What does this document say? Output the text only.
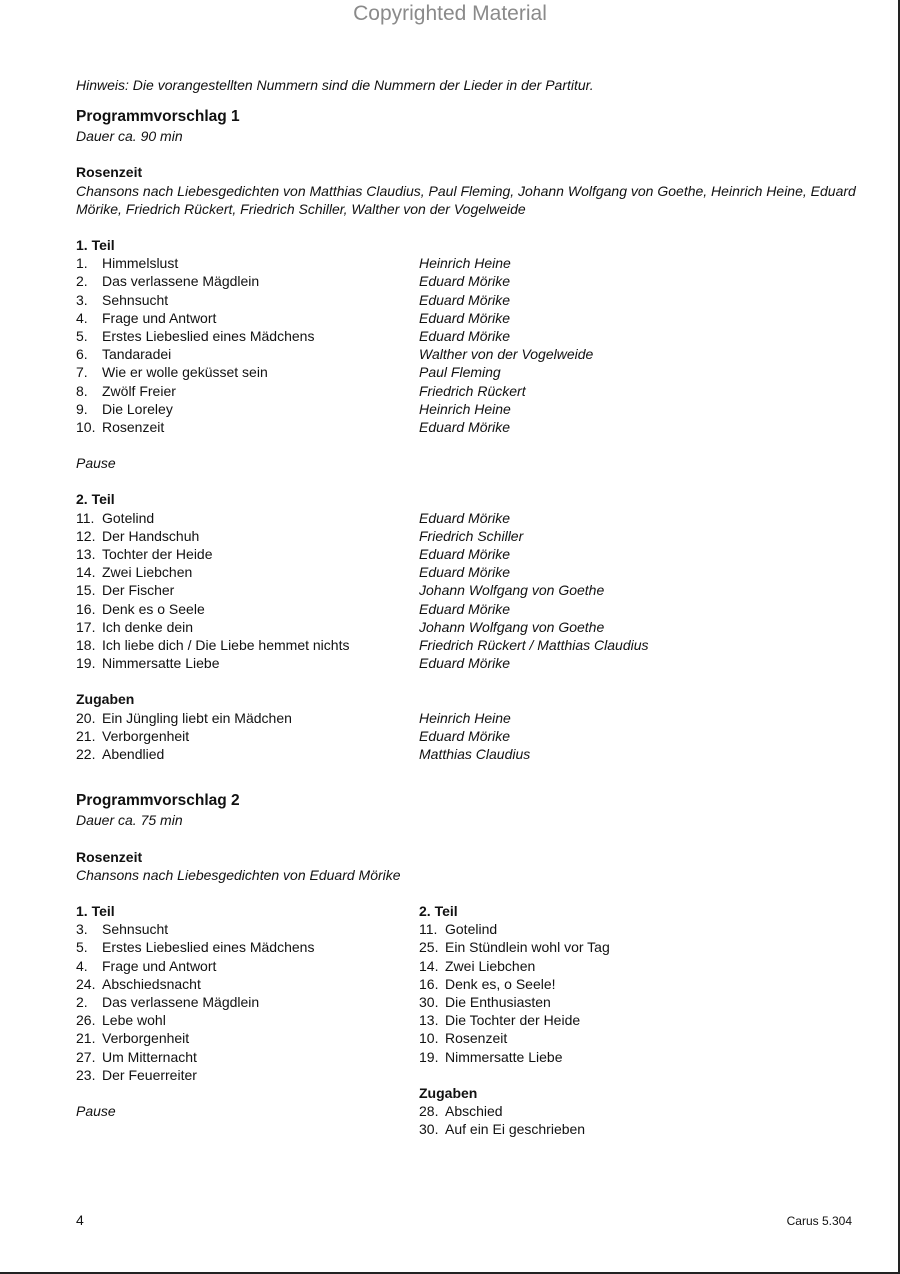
Copyrighted Material
Hinweis: Die vorangestellten Nummern sind die Nummern der Lieder in der Partitur.
Programmvorschlag 1
Dauer ca. 90 min
Rosenzeit
Chansons nach Liebesgedichten von Matthias Claudius, Paul Fleming, Johann Wolfgang von Goethe, Heinrich Heine, Eduard Mörike, Friedrich Rückert, Friedrich Schiller, Walther von der Vogelweide
1. Teil
1.	Himmelslust	Heinrich Heine
2.	Das verlassene Mägdlein	Eduard Mörike
3.	Sehnsucht	Eduard Mörike
4.	Frage und Antwort	Eduard Mörike
5.	Erstes Liebeslied eines Mädchens	Eduard Mörike
6.	Tandaradei	Walther von der Vogelweide
7.	Wie er wolle geküsset sein	Paul Fleming
8.	Zwölf Freier	Friedrich Rückert
9.	Die Loreley	Heinrich Heine
10. Rosenzeit	Eduard Mörike
Pause
2. Teil
11. Gotelind	Eduard Mörike
12. Der Handschuh	Friedrich Schiller
13. Tochter der Heide	Eduard Mörike
14. Zwei Liebchen	Eduard Mörike
15. Der Fischer	Johann Wolfgang von Goethe
16. Denk es o Seele	Eduard Mörike
17. Ich denke dein	Johann Wolfgang von Goethe
18. Ich liebe dich / Die Liebe hemmet nichts	Friedrich Rückert / Matthias Claudius
19. Nimmersatte Liebe	Eduard Mörike
Zugaben
20. Ein Jüngling liebt ein Mädchen	Heinrich Heine
21. Verborgenheit	Eduard Mörike
22. Abendlied	Matthias Claudius
Programmvorschlag 2
Dauer ca. 75 min
Rosenzeit
Chansons nach Liebesgedichten von Eduard Mörike
1. Teil
3.	Sehnsucht
5.	Erstes Liebeslied eines Mädchens
4.	Frage und Antwort
24. Abschiedsnacht
2.	Das verlassene Mägdlein
26. Lebe wohl
21. Verborgenheit
27. Um Mitternacht
23. Der Feuerreiter
Pause
2. Teil
11. Gotelind
25. Ein Stündlein wohl vor Tag
14. Zwei Liebchen
16. Denk es, o Seele!
30. Die Enthusiasten
13. Die Tochter der Heide
10. Rosenzeit
19. Nimmersatte Liebe
Zugaben
28. Abschied
30. Auf ein Ei geschrieben
4	Carus 5.304
